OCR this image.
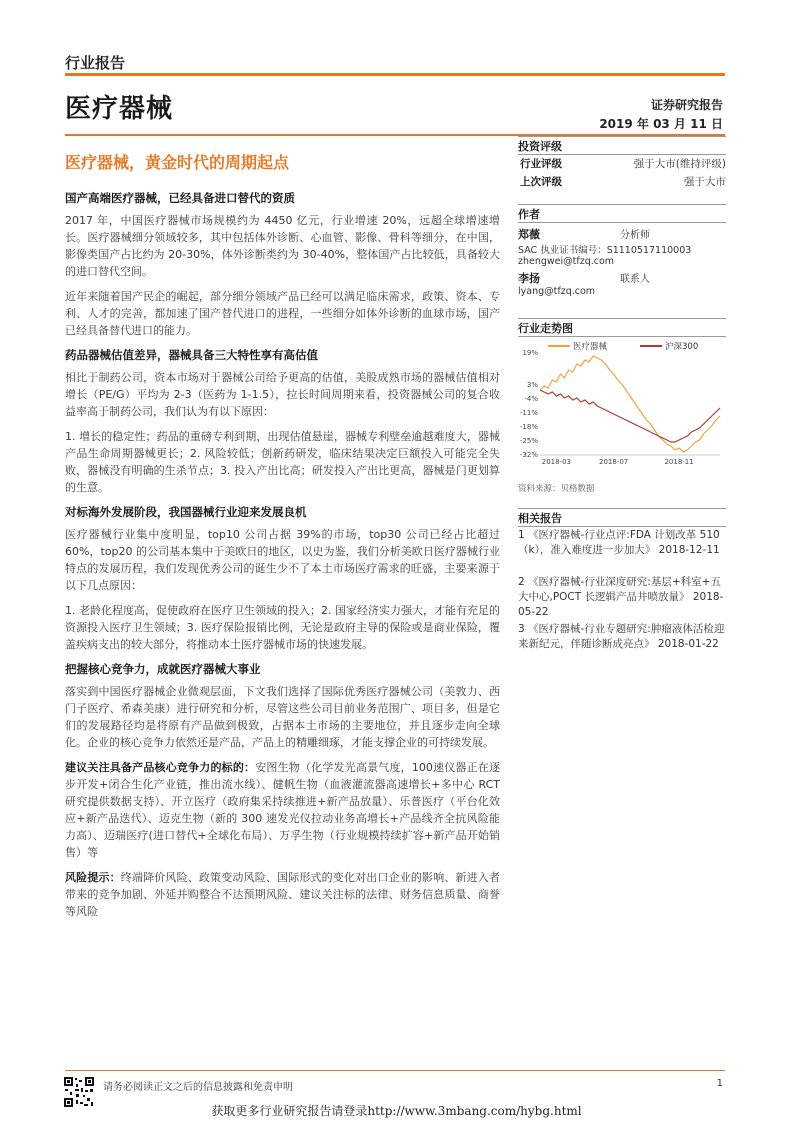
行业报告
医疗器械	证券研究报告
2019 年 03 月 11 日
医疗器械，黄金时代的周期起点
国产高端医疗器械，已经具备进口替代的资质

2017 年，中国医疗器械市场规模约为 4450 亿元，行业增速 20%，远超全球增速增长。医疗器械细分领域较多，其中包括体外诊断、心血管、影像、骨科等细分，在中国，影像类国产占比约为 20-30%，体外诊断类约为 30-40%，整体国产占比较低，具备较大的进口替代空间。

近年来随着国产民企的崛起，部分细分领域产品已经可以满足临床需求，政策、资本、专利、人才的完善，都加速了国产替代进口的进程，一些细分如体外诊断的血球市场，国产已经具备替代进口的能力。

药品器械估值差异，器械具备三大特性享有高估值

相比于制药公司，资本市场对于器械公司给予更高的估值，美股成熟市场的器械估值相对增长（PE/G）平均为 2-3（医药为 1-1.5），拉长时间周期来看，投资器械公司的复合收益率高于制药公司，我们认为有以下原因：

1. 增长的稳定性；药品的重磅专利到期，出现估值悬崖，器械专利壁垒逾越难度大，器械产品生命周期器械更长；2. 风险较低；创新药研发，临床结果决定巨额投入可能完全失败，器械没有明确的生杀节点；3. 投入产出比高；研发投入产出比更高，器械是门更划算的生意。

对标海外发展阶段，我国器械行业迎来发展良机

医疗器械行业集中度明显，top10 公司占据 39%的市场，top30 公司已经占比超过 60%，top20 的公司基本集中于美欧日的地区，以史为鉴，我们分析美欧日医疗器械行业特点的发展历程，我们发现优秀公司的诞生少不了本土市场医疗需求的旺盛，主要来源于以下几点原因：

1. 老龄化程度高，促使政府在医疗卫生领域的投入；2. 国家经济实力强大，才能有充足的资源投入医疗卫生领域；3. 医疗保险报销比例，无论是政府主导的保险或是商业保险，覆盖疾病支出的较大部分，将推动本土医疗器械市场的快速发展。

把握核心竞争力，成就医疗器械大事业

落实到中国医疗器械企业微观层面，下文我们选择了国际优秀医疗器械公司（美敦力、西门子医疗、希森美康）进行研究和分析，尽管这些公司目前业务范围广、项目多，但是它们的发展路径均是将原有产品做到极致，占据本土市场的主要地位，并且逐步走向全球化。企业的核心竞争力依然还是产品，产品上的精雕细琢，才能支撑企业的可持续发展。

建议关注具备产品核心竞争力的标的：安图生物（化学发光高景气度，100速仪器正在逐步开发+闭合生化产业链，推出流水线）、健帆生物（血液灌流器高速增长+多中心 RCT 研究提供数据支持）、开立医疗（政府集采持续推进+新产品放量）、乐普医疗（平台化效应+新产品迭代）、迈克生物（新的 300 速发光仪拉动业务高增长+产品线齐全抗风险能力高）、迈瑞医疗(进口替代+全球化布局）、万孚生物（行业规模持续扩容+新产品开始销售）等

风险提示：终端降价风险、政策变动风险、国际形式的变化对出口企业的影响、新进入者带来的竞争加剧、外延并购整合不达预期风险、建议关注标的法律、财务信息质量、商誉等风险

投资评级
行业评级	强于大市(维持评级)
上次评级	强于大市
作者
郑薇	分析师
SAC 执业证书编号：S1110517110003
zhengwei@tfzq.com
李扬	联系人
lyang@tfzq.com
行业走势图
医疗器械	沪深300
19%
3%
-4%
-11%
-18%
-25%
-32%
2018-03	2018-07	2018-11
资料来源：贝格数据
相关报告
1 《医疗器械-行业点评:FDA 计划改革 510（k），准入难度进一步加大》 2018-12-11
2 《医疗器械-行业深度研究:基层+科室+五大中心,POCT 长逻辑产品井喷放量》 2018-05-22
3 《医疗器械-行业专题研究:肿瘤液体活检迎来新纪元，伴随诊断成亮点》 2018-01-22
请务必阅读正文之后的信息披露和免责申明	1
获取更多行业研究报告请登录http://www.3mbang.com/hybg.html
